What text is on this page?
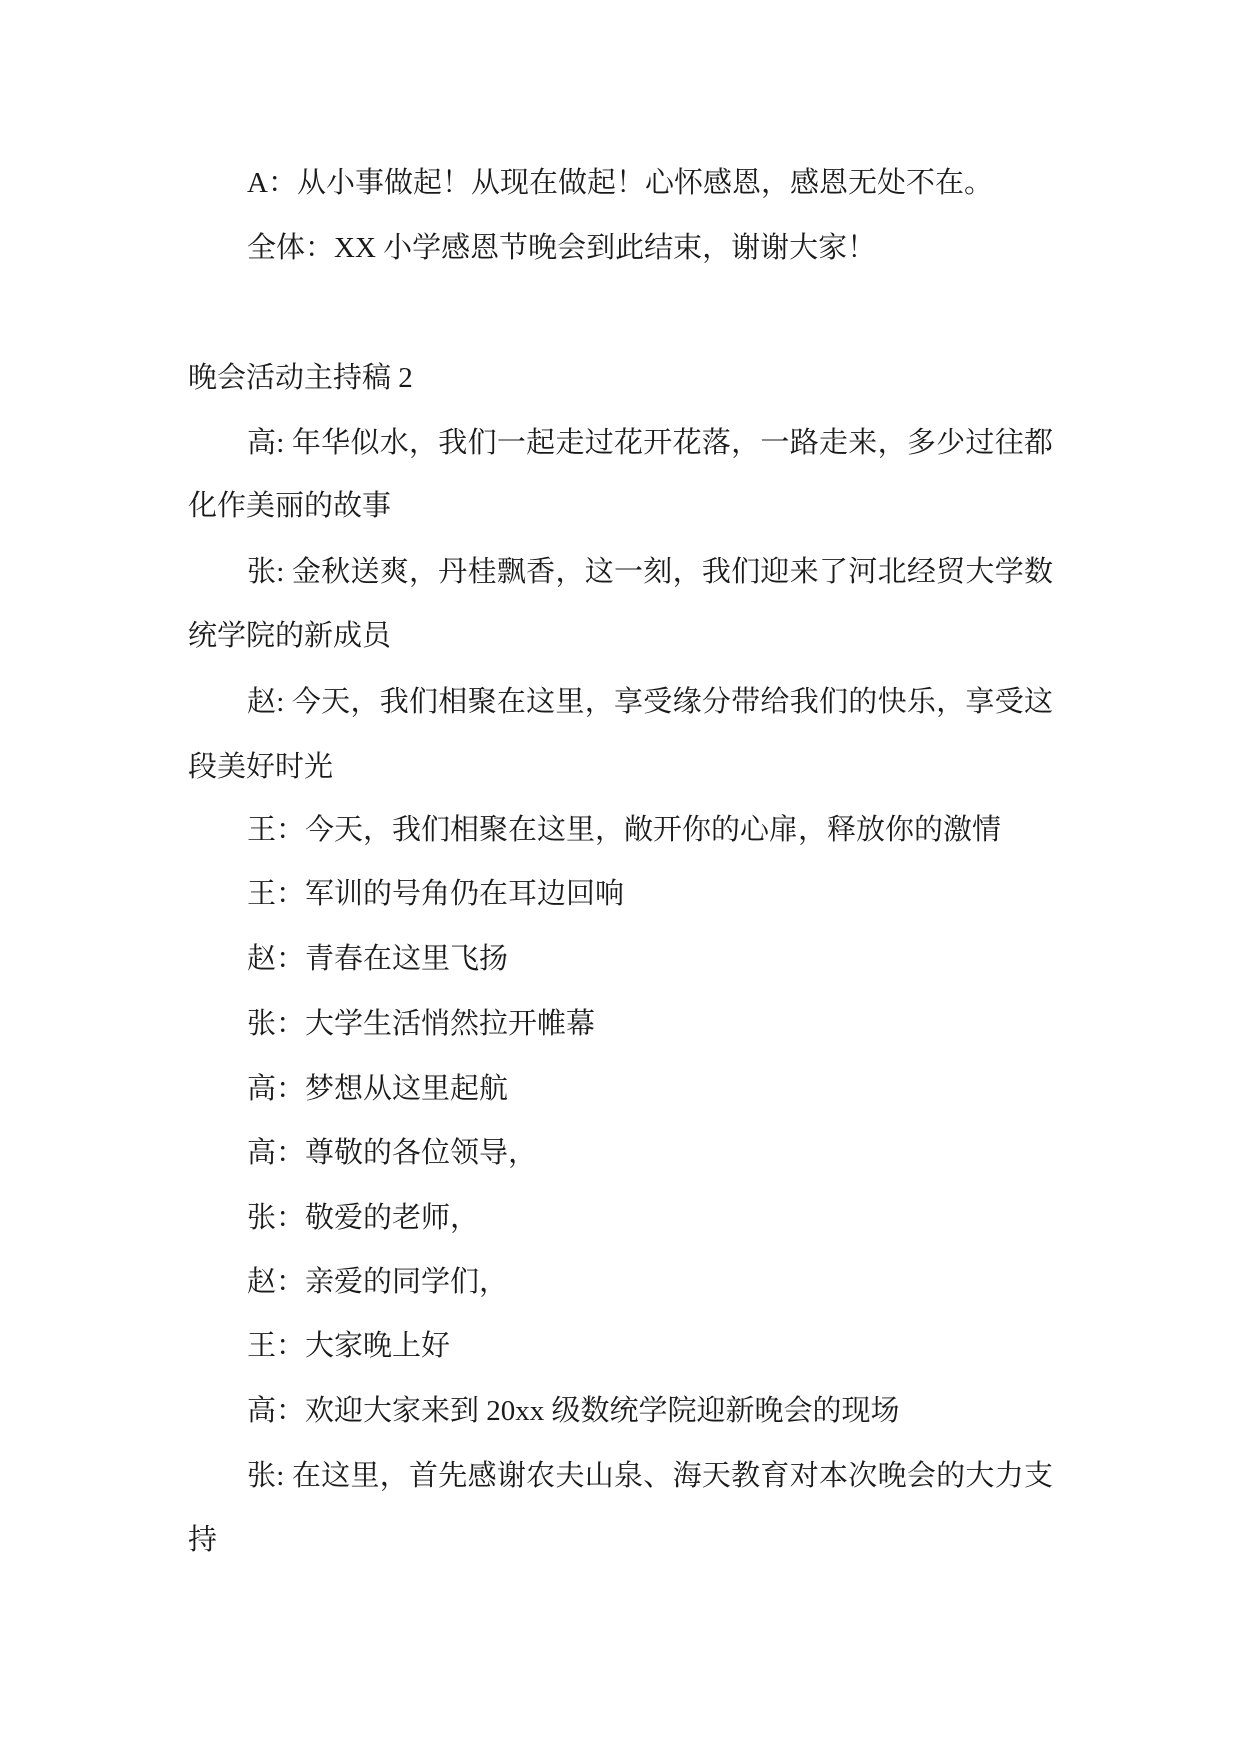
A：从小事做起！从现在做起！心怀感恩，感恩无处不在。

全体：XX 小学感恩节晚会到此结束，谢谢大家！

晚会活动主持稿 2

高: 年华似水，我们一起走过花开花落，一路走来，多少过往都

化作美丽的故事

张: 金秋送爽，丹桂飘香，这一刻，我们迎来了河北经贸大学数

统学院的新成员

赵: 今天，我们相聚在这里，享受缘分带给我们的快乐，享受这

段美好时光

王：今天，我们相聚在这里，敞开你的心扉，释放你的激情

王：军训的号角仍在耳边回响

赵：青春在这里飞扬

张：大学生活悄然拉开帷幕

高：梦想从这里起航

高：尊敬的各位领导，

张：敬爱的老师，

赵：亲爱的同学们，

王：大家晚上好

高：欢迎大家来到 20xx 级数统学院迎新晚会的现场

张: 在这里，首先感谢农夫山泉、海天教育对本次晚会的大力支

持
